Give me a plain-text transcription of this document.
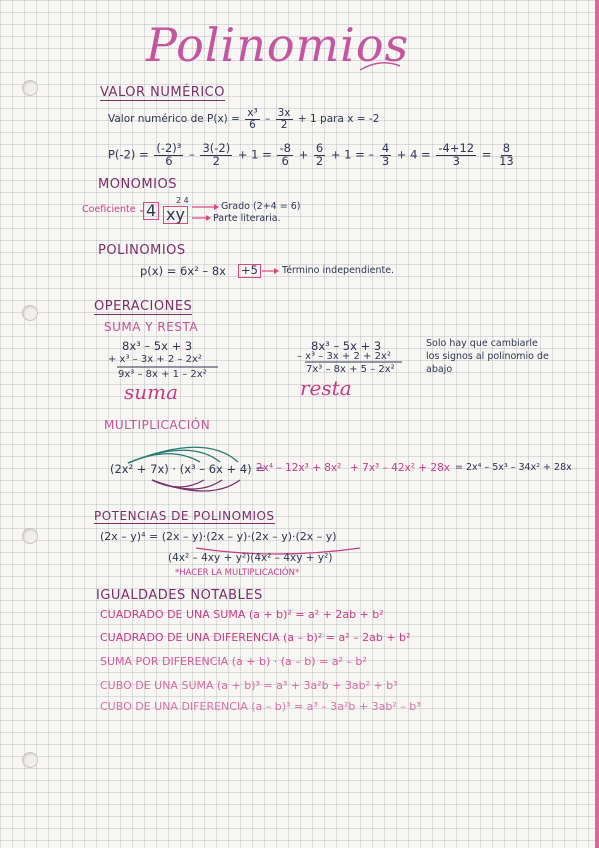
Polinomios
VALOR NUMÉRICO
Valor numérico de $P(x) = \frac{\text{x³}}{6} - \frac{3x}{2} + 1$ para x = -2
$P(-2) = \frac{\text{(-2)³}}{6} - \frac{3(-2)}{2} + 1 = \frac{-8}{6} + \frac{6}{2} + 1$ = – $\frac{4}{3} + 4 = \frac{-4+12}{3} = \frac{8}{13}$
MONOMIOS
Coeficiente 4 xy
2 4
Grado (2+4 = 6)
Parte literaria.
POLINOMIOS
p(x) = 6x² – 8x +5	Término independiente.
OPERACIONES
SUMA Y RESTA
8x³ – 5x + 3
+ x³ – 3x + 2 – 2x²
9x³ – 8x + 1 – 2x²
suma
8x³ – 5x + 3
– x³ – 3x + 2 + 2x²
7x³ – 8x + 5 – 2x²
resta
Solo hay que cambiarle
los signos al polinomio de
abajo
MULTIPLICACIÓN
(2x² + 7x) · (x³ – 6x + 4) =
2x⁴ – 12x³ + 8x² + 7x³ – 42x² + 28x = 2x⁴ – 5x³ – 34x² + 28x
POTENCIAS DE POLINOMIOS
(2x – y)⁴ = (2x – y)·(2x – y)·(2x – y)·(2x – y)
(4x² – 4xy + y²)(4x² – 4xy + y²)
*HACER LA MULTIPLICACIÓN*
IGUALDADES NOTABLES
CUADRADO DE UNA SUMA (a + b)² = a² + 2ab + b²
CUADRADO DE UNA DIFERENCIA (a – b)² = a² – 2ab + b²
SUMA POR DIFERENCIA (a + b) · (a – b) = a² – b²
CUBO DE UNA SUMA (a + b)³ = a³ + 3a²b + 3ab² + b³
CUBO DE UNA DIFERENCIA (a – b)³ = a³ – 3a²b + 3ab² – b³
